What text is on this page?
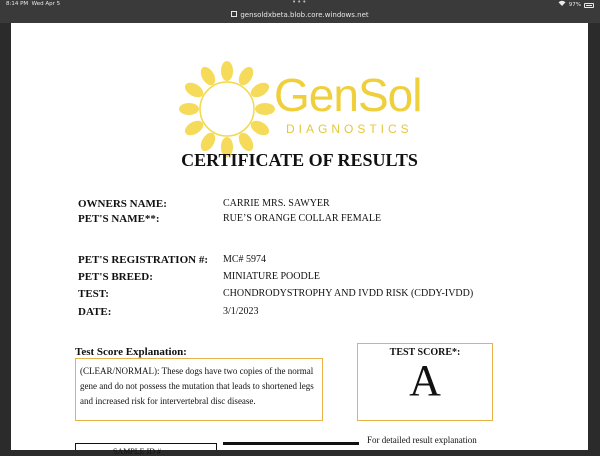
8:14 PM Wed Apr 5	•••	97%
gensoldxbeta.blob.core.windows.net
GenSol
DIAGNOSTICS
CERTIFICATE OF RESULTS
OWNERS NAME:	CARRIE MRS. SAWYER
PET'S NAME**:	RUE’S ORANGE COLLAR FEMALE
PET'S REGISTRATION #: MC# 5974
PET'S BREED:	MINIATURE POODLE
TEST:	CHONDRODYSTROPHY AND IVDD RISK (CDDY-IVDD)
DATE:	3/1/2023
Test Score Explanation:
(CLEAR/NORMAL): These dogs have two copies of the normal
gene and do not possess the mutation that leads to shortened legs
and increased risk for intervertebral disc disease.
TEST SCORE*:
A
SAMPLE ID #
For detailed result explanation
